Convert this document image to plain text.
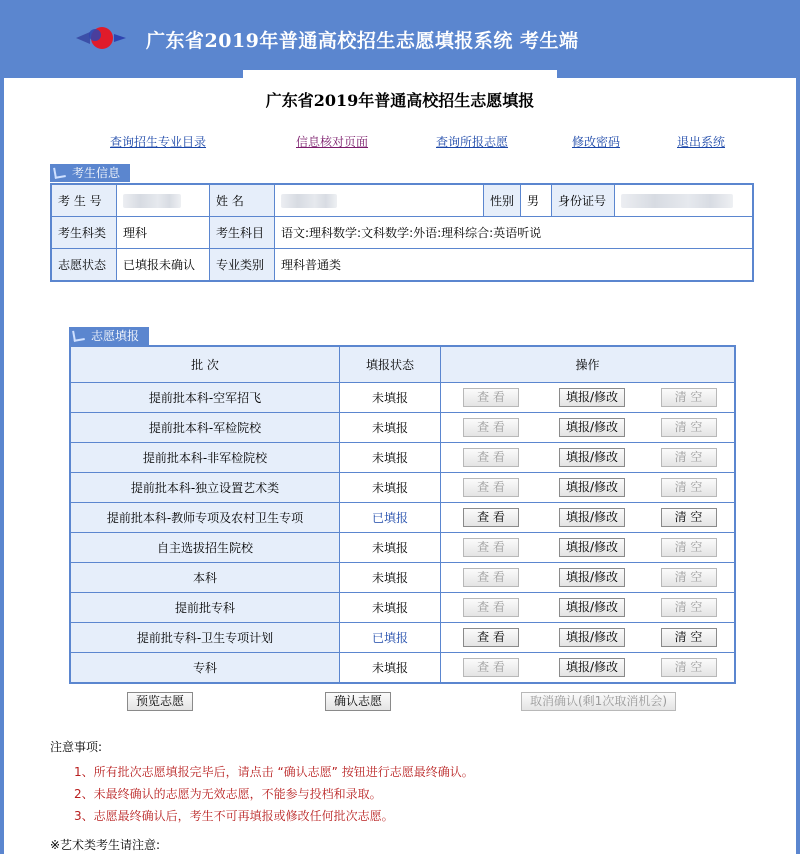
广东省2019年普通高校招生志愿填报系统 考生端
广东省2019年普通高校招生志愿填报
查询招生专业目录	信息核对页面	查询所报志愿	修改密码	退出系统
考生信息
考 生 号		姓 名		性别	男	身份证号	
考生科类	理科	考生科目	语文:理科数学:文科数学:外语:理科综合:英语听说				
志愿状态	已填报未确认	专业类别	理科普通类				
志愿填报
批 次	填报状态	操作		
提前批本科-空军招飞	未填报	查 看	填报/修改	清 空
提前批本科-军检院校	未填报	查 看	填报/修改	清 空
提前批本科-非军检院校	未填报	查 看	填报/修改	清 空
提前批本科-独立设置艺术类	未填报	查 看	填报/修改	清 空
提前批本科-教师专项及农村卫生专项	已填报	查 看	填报/修改	清 空
自主选拔招生院校	未填报	查 看	填报/修改	清 空
本科	未填报	查 看	填报/修改	清 空
提前批专科	未填报	查 看	填报/修改	清 空
提前批专科-卫生专项计划	已填报	查 看	填报/修改	清 空
专科	未填报	查 看	填报/修改	清 空
预览志愿	确认志愿	取消确认(剩1次取消机会)
注意事项:
1、所有批次志愿填报完毕后，请点击 “确认志愿” 按钮进行志愿最终确认。
2、未最终确认的志愿为无效志愿，不能参与投档和录取。
3、志愿最终确认后，考生不可再填报或修改任何批次志愿。
※艺术类考生请注意:
